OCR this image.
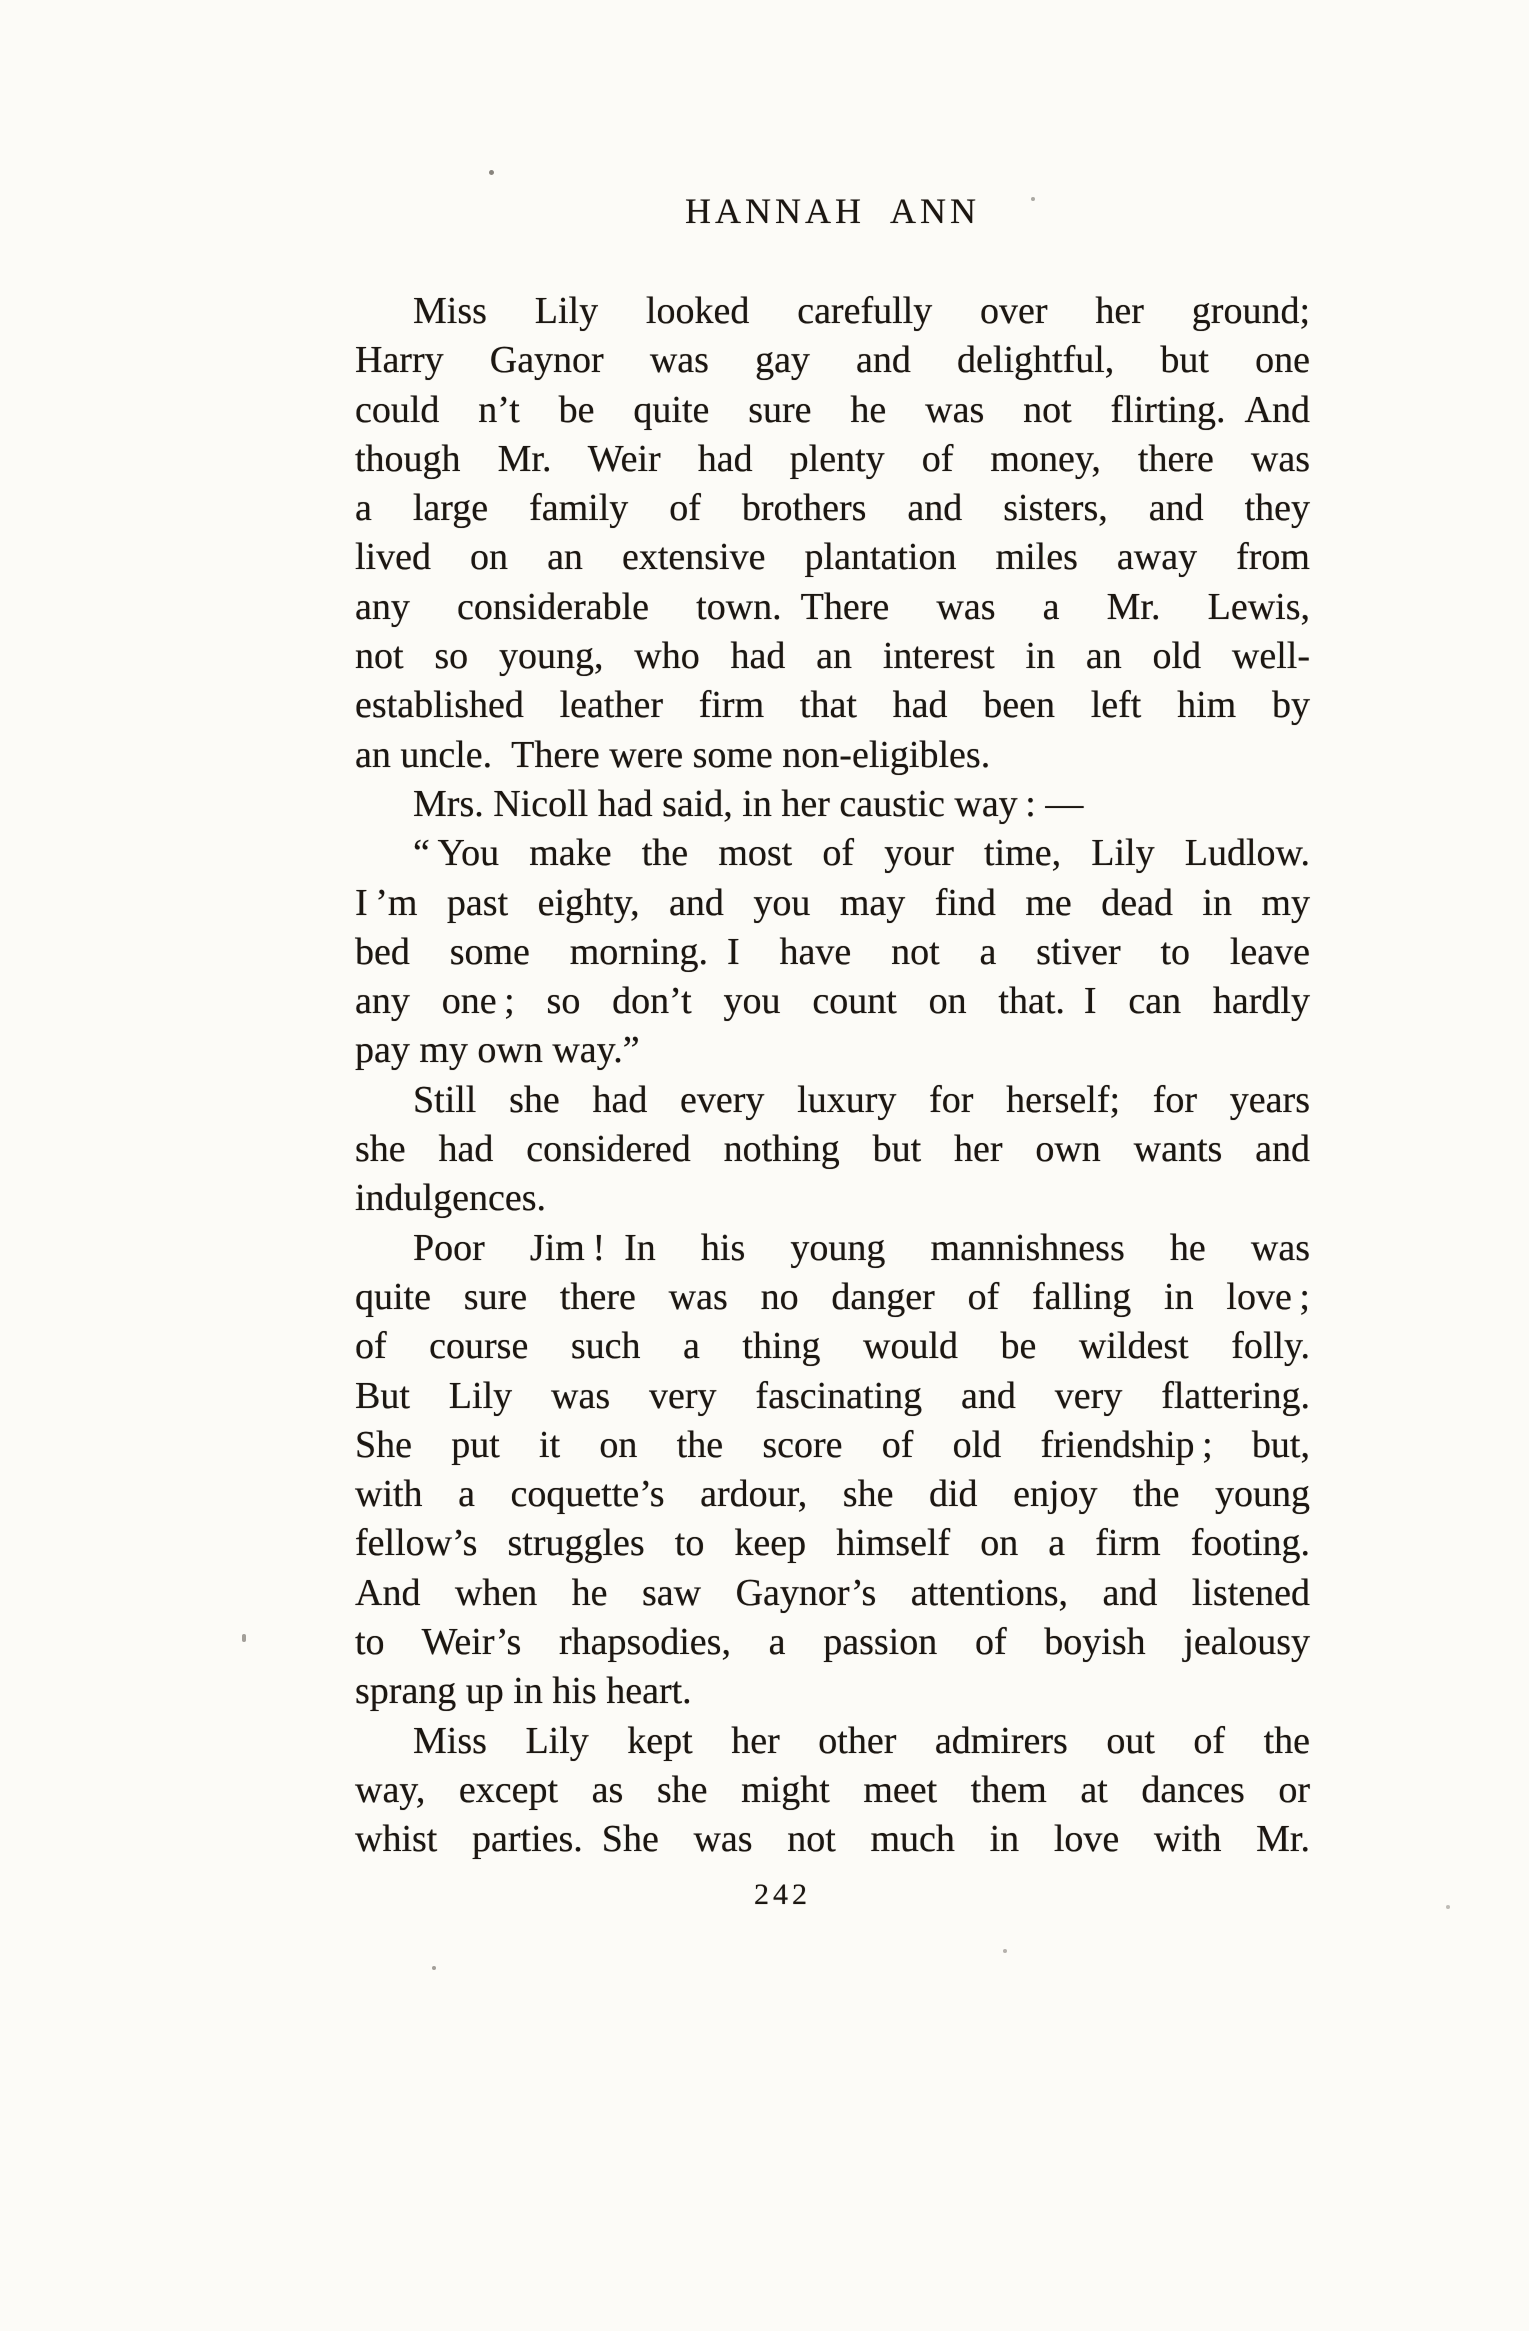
HANNAH ANN
Miss Lily looked carefully over her ground;
Harry Gaynor was gay and delightful, but one
could n’t be quite sure he was not flirting. And
though Mr. Weir had plenty of money, there was
a large family of brothers and sisters, and they
lived on an extensive plantation miles away from
any considerable town. There was a Mr. Lewis,
not so young, who had an interest in an old well-
established leather firm that had been left him by
an uncle. There were some non-eligibles.
Mrs. Nicoll had said, in her caustic way : —
“ You make the most of your time, Lily Ludlow.
I ’m past eighty, and you may find me dead in my
bed some morning. I have not a stiver to leave
any one ; so don’t you count on that. I can hardly
pay my own way.”
Still she had every luxury for herself; for years
she had considered nothing but her own wants and
indulgences.
Poor Jim ! In his young mannishness he was
quite sure there was no danger of falling in love ;
of course such a thing would be wildest folly.
But Lily was very fascinating and very flattering.
She put it on the score of old friendship ; but,
with a coquette’s ardour, she did enjoy the young
fellow’s struggles to keep himself on a firm footing.
And when he saw Gaynor’s attentions, and listened
to Weir’s rhapsodies, a passion of boyish jealousy
sprang up in his heart.
Miss Lily kept her other admirers out of the
way, except as she might meet them at dances or
whist parties. She was not much in love with Mr.
242
